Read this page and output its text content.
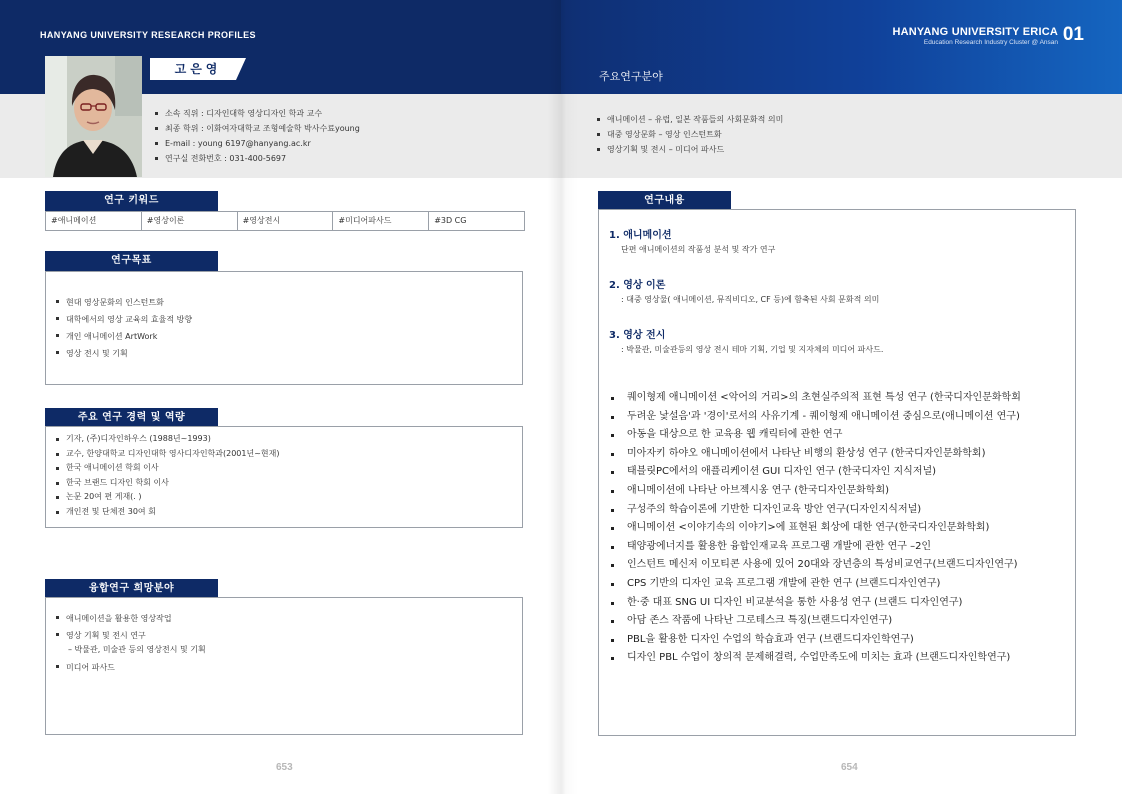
HANYANG UNIVERSITY RESEARCH PROFILES
고은영
소속 직위 : 디자인대학 영상디자인 학과 교수
최종 학위 : 이화여자대학교 조형예술학 박사수료young
E-mail : young 6197@hanyang.ac.kr
연구실 전화번호 : 031-400-5697
연구 키워드
#애니메이션	#영상이론	#영상전시	#미디어파사드	#3D CG
연구목표
현대 영상문화의 인스턴트화
대학에서의 영상 교육의 효율적 방향
개인 애니메이션 ArtWork
영상 전시 및 기획
주요 연구 경력 및 역량
기자, (주)디자인하우스 (1988년~1993)
교수, 한양대학교 디자인대학 영사디자인학과(2001년~현재)
한국 애니메이션 학회 이사
한국 브랜드 디자인 학회 이사
논문 20여 편 게재(. )
개인전 및 단체전 30여 회
융합연구 희망분야
애니메이션을 활용한 영상작업
영상 기획 및 전시 연구
– 박물관, 미술관 등의 영상전시 및 기획
미디어 파사드
653
HANYANG UNIVERSITY ERICA
Education Research Industry Cluster @ Ansan 01
주요연구분야
애니메이션 – 유럽, 일본 작품들의 사회문화적 의미
대중 영상문화 – 영상 인스턴트화
영상기획 및 전시 – 미디어 파사드
연구내용
1. 애니메이션
단편 애니메이션의 작품성 분석 및 작가 연구
2. 영상 이론
: 대중 영상물( 애니메이션, 뮤직비디오, CF 등)에 함축된 사회 문화적 의미
3. 영상 전시
: 박물관, 미술관등의 영상 전시 테마 기획, 기업 및 지자체의 미디어 파사드.
퀘이형제 애니메이션 <악어의 거리>의 초현실주의적 표현 특성 연구 (한국디자인문화학회
두려운 낯설음'과 '경이'로서의 사유기계 - 퀘이형제 애니메이션 중심으로(애니메이션 연구)
아동을 대상으로 한 교육용 웹 캐릭터에 관한 연구
미아자키 하야오 애니메이션에서 나타난 비행의 환상성 연구 (한국디자인문화학회)
태블릿PC에서의 애플리케이션 GUI 디자인 연구 (한국디자인 지식저널)
애니메이션에 나타난 아브젝시옹 연구 (한국디자인문화학회)
구성주의 학습이론에 기반한 디자인교육 방안 연구(디자인지식저널)
애니메이션 <이야기속의 이야기>에 표현된 회상에 대한 연구(한국디자인문화학회)
태양광에너지를 활용한 융합인재교육 프로그램 개발에 관한 연구 –2인
인스턴트 메신저 이모티콘 사용에 있어 20대와 장년층의 특성비교연구(브랜드디자인연구)
CPS 기반의 디자인 교육 프로그램 개발에 관한 연구 (브랜드디자인연구)
한·중 대표 SNG UI 디자인 비교분석을 통한 사용성 연구 (브랜드 디자인연구)
아담 존스 작품에 나타난 그로테스크 특징(브랜드디자인연구)
PBL을 활용한 디자인 수업의 학습효과 연구 (브랜드디자인학연구)
디자인 PBL 수업이 창의적 문제해결력, 수업만족도에 미치는 효과 (브랜드디자인학연구)
654
